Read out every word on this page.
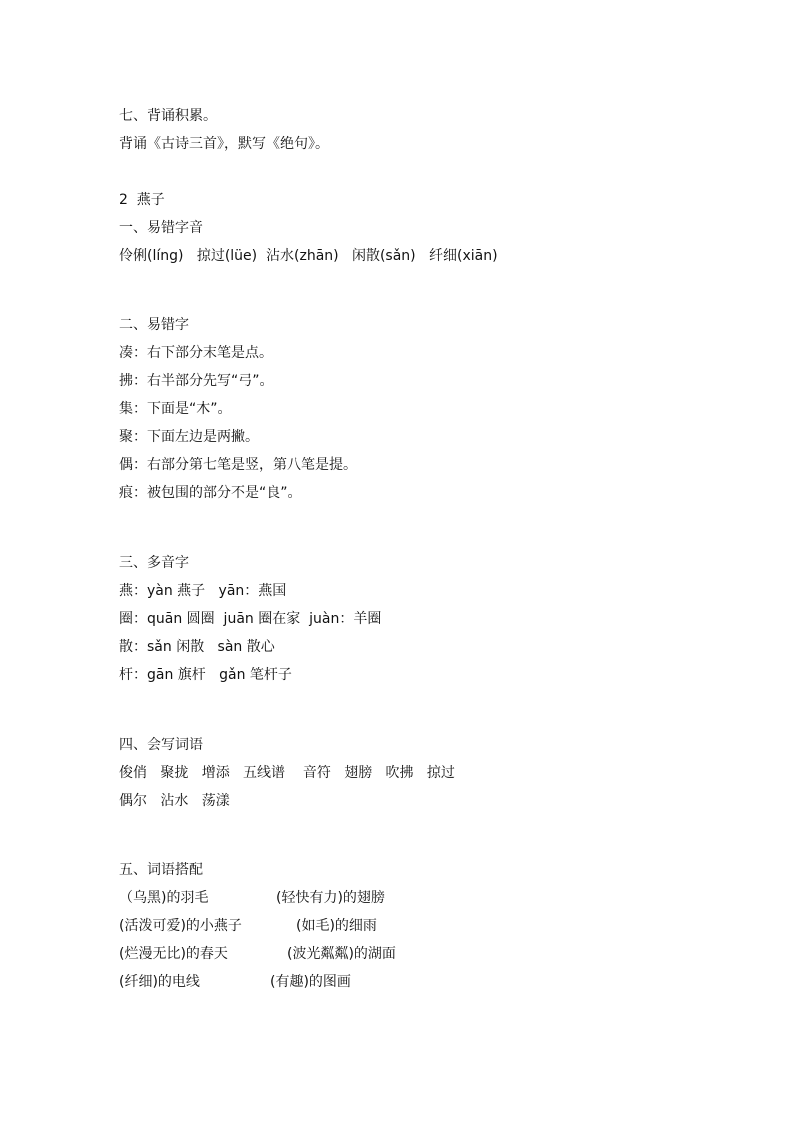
七、背诵积累。
背诵《古诗三首》，默写《绝句》。
2  燕子
一、易错字音
伶俐(líng)   掠过(lüe)  沾水(zhān)   闲散(sǎn)   纤细(xiān)
二、易错字
凑：右下部分末笔是点。
拂：右半部分先写“弓”。
集：下面是“木”。
聚：下面左边是两撇。
偶：右部分第七笔是竖，第八笔是提。
痕：被包围的部分不是“良”。
三、多音字
燕：yàn 燕子   yān：燕国
圈：quān 圆圈  juān 圈在家  juàn：羊圈
散：sǎn 闲散   sàn 散心
杆：gān 旗杆   gǎn 笔杆子
四、会写词语
俊俏   聚拢   增添   五线谱    音符   翅膀   吹拂   掠过
偶尔   沾水   荡漾
五、词语搭配
（乌黑)的羽毛	(轻快有力)的翅膀
(活泼可爱)的小燕子	(如毛)的细雨
(烂漫无比)的春天	(波光粼粼)的湖面
(纤细)的电线	(有趣)的图画
